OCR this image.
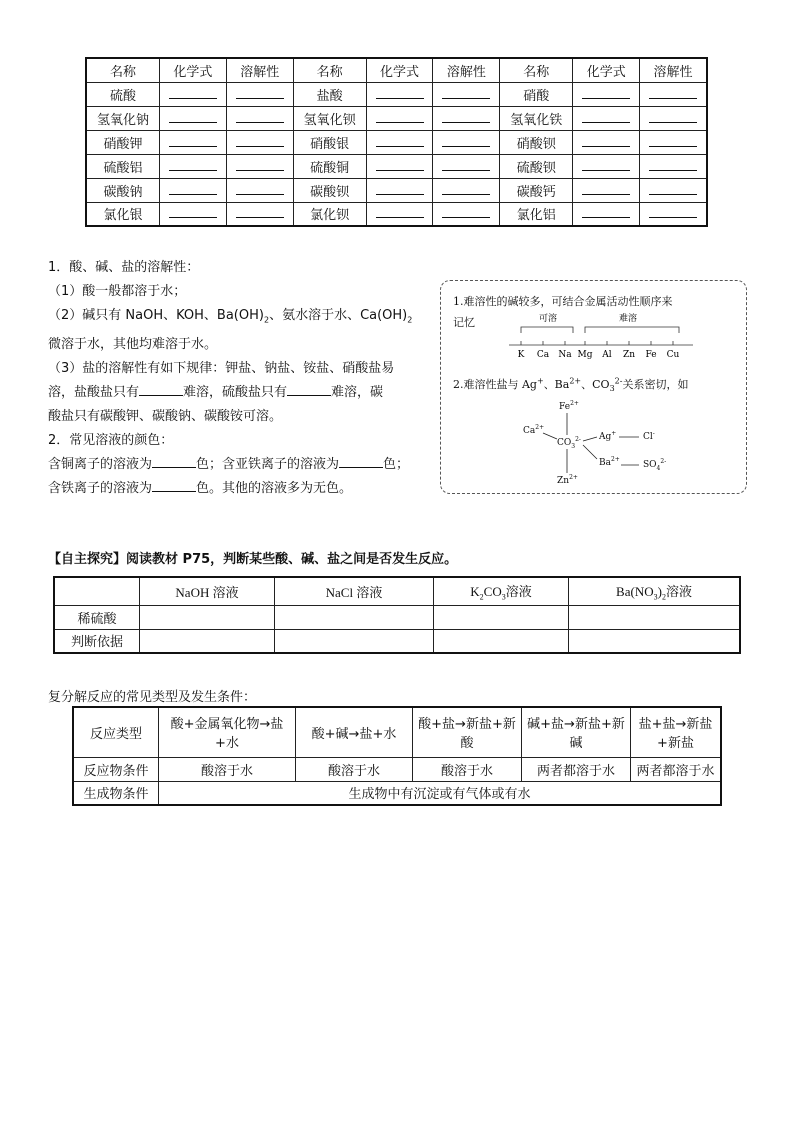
名称	化学式	溶解性	名称	化学式	溶解性	名称	化学式	溶解性
硫酸			盐酸			硝酸		
氢氧化钠			氢氧化钡			氢氧化铁		
硝酸钾			硝酸银			硝酸钡		
硫酸铝			硫酸铜			硫酸钡		
碳酸钠			碳酸钡			碳酸钙		
氯化银			氯化钡			氯化铝		

1．酸、碱、盐的溶解性：

（1）酸一般都溶于水；

（2）碱只有 NaOH、KOH、$Ba(OH)_2$、氨水溶于水、$Ca(OH)_2$

微溶于水，其他均难溶于水。

（3）盐的溶解性有如下规律：钾盐、钠盐、铵盐、硝酸盐易

溶，盐酸盐只有	难溶，硫酸盐只有	难溶，碳

酸盐只有碳酸钾、碳酸钠、碳酸铵可溶。

2．常见溶液的颜色：

含铜离子的溶液为	色；含亚铁离子的溶液为	色；

含铁离子的溶液为	色。其他的溶液多为无色。

1.难溶性的碱较多，可结合金属活动性顺序来
记忆	可溶	难溶
K Ca Na Mg Al Zn Fe Cu
2.难溶性盐与 Ag+、$Ba^{2+}$、$CO_3^{2-}$关系密切，如
$Fe^{2+}$
$Ca^{2+}$
$CO_3^{2-}$ Ag+	Cl-
$Ba^{2+}$
$SO_4^{2-}$
$Zn^{2+}$
【自主探究】阅读教材 P75，判断某些酸、碱、盐之间是否发生反应。
	NaOH 溶液	NaCl 溶液	$K_2CO_3$溶液	$Ba(NO_3)_2$溶液
稀硫酸				
判断依据				
复分解反应的常见类型及发生条件：
反应类型	酸+金属氧化物→盐+水	酸+碱→盐+水	酸+盐→新盐+新酸	碱+盐→新盐+新碱	盐+盐→新盐+新盐
反应物条件	酸溶于水	酸溶于水	酸溶于水	两者都溶于水	两者都溶于水
生成物条件	生成物中有沉淀或有气体或有水				
